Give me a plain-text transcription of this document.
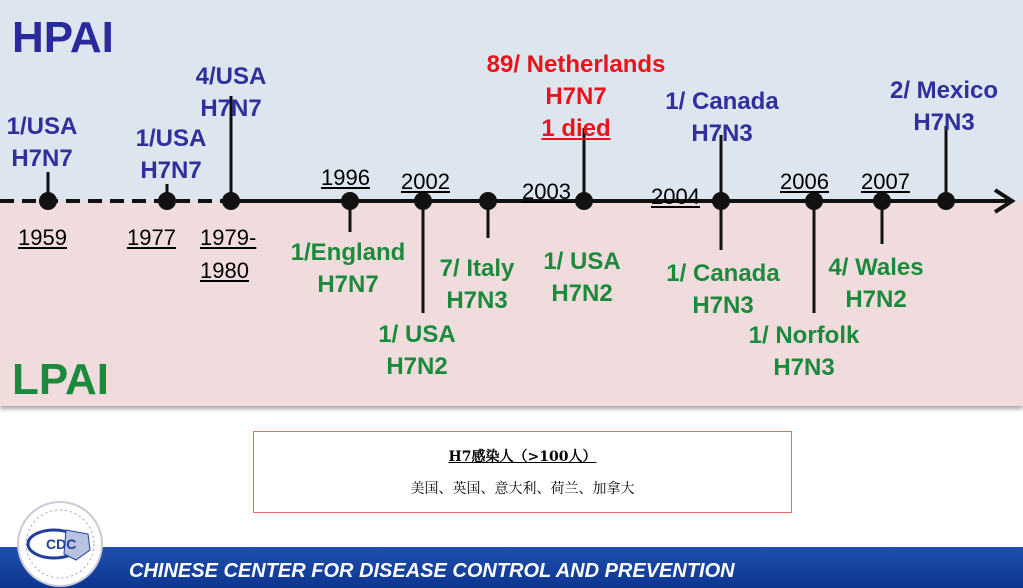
HPAI
LPAI
1/USA
H7N7
1/USA
H7N7
4/USA
H7N7
89/ Netherlands
H7N7
1 died
1/ Canada
H7N3
2/ Mexico
H7N3
1/England
H7N7
1/ USA
H7N2
7/ Italy
H7N3
1/ USA
H7N2
1/ Canada
H7N3
1/ Norfolk
H7N3
4/ Wales
H7N2
1959	1977 1979-
1980
1996 2002	2003	2004
2006 2007
H7感染人（>100人）
美国、英国、意大利、荷兰、加拿大
CDC
CHINESE CENTER FOR DISEASE CONTROL AND PREVENTION
